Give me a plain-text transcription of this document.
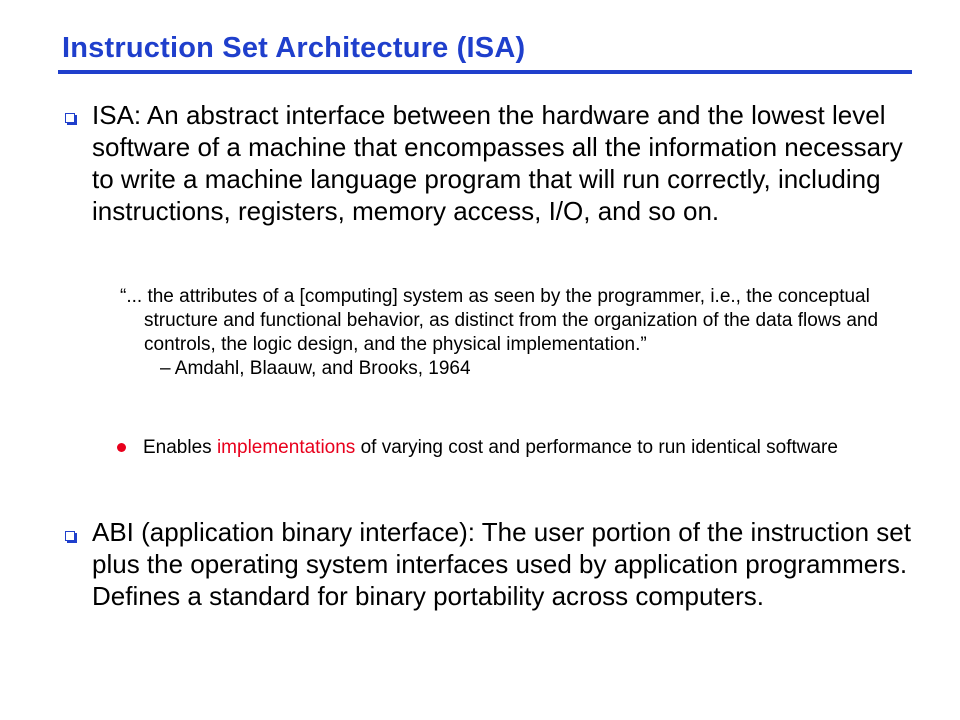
Instruction Set Architecture (ISA)

ISA: An abstract interface between the hardware and the lowest level software of a machine that encompasses all the information necessary to write a machine language program that will run correctly, including instructions, registers, memory access, I/O, and so on.

“... the attributes of a [computing] system as seen by the programmer, i.e., the conceptual structure and functional behavior, as distinct from the organization of the data flows and controls, the logic design, and the physical implementation.”
– Amdahl, Blaauw, and Brooks, 1964

Enables implementations of varying cost and performance to run identical software

ABI (application binary interface): The user portion of the instruction set plus the operating system interfaces used by application programmers. Defines a standard for binary portability across computers.
